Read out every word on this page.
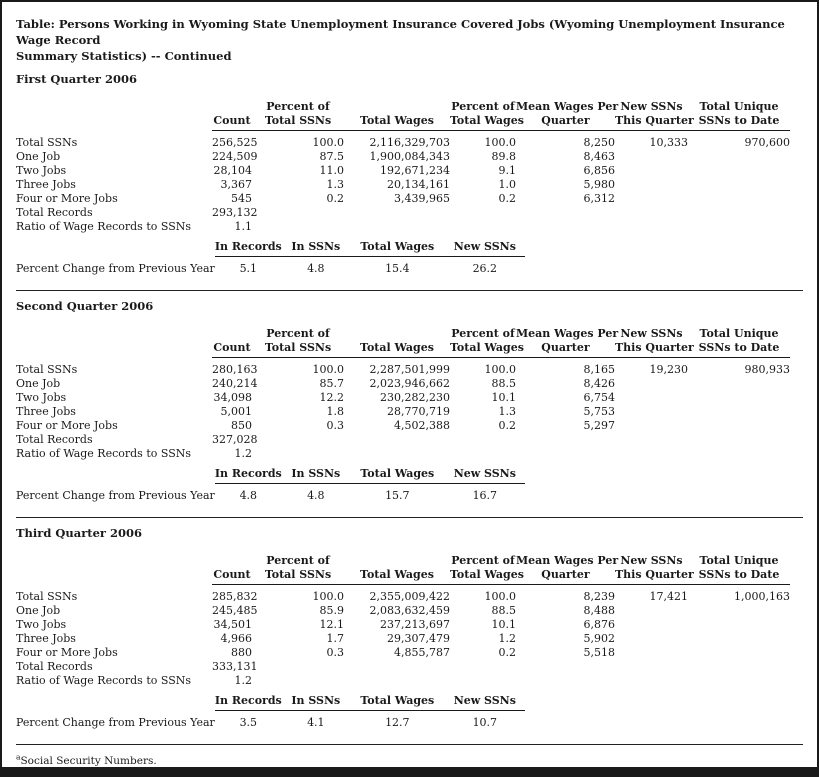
Table: Persons Working in Wyoming State Unemployment Insurance Covered Jobs (Wyoming Unemployment Insurance Wage Record
Summary Statistics) -- Continued
First Quarter 2006
		Percent of		Percent of	Mean Wages Per	New SSNs	Total Unique
	Count	Total SSNs	Total Wages	Total Wages	Quarter	This Quarter	SSNs to Date
Total SSNs	256,525	100.0	2,116,329,703	100.0	8,250	10,333	970,600
One Job	224,509	87.5	1,900,084,343	89.8	8,463		
Two Jobs	28,104	11.0	192,671,234	9.1	6,856		
Three Jobs	3,367	1.3	20,134,161	1.0	5,980		
Four or More Jobs	545	0.2	3,439,965	0.2	6,312		
Total Records	293,132						
Ratio of Wage Records to SSNs	1.1						
	In Records	In SSNs	Total Wages	New SSNs
Percent Change from Previous Year	5.1	4.8	15.4	26.2
Second Quarter 2006
		Percent of		Percent of	Mean Wages Per	New SSNs	Total Unique
	Count	Total SSNs	Total Wages	Total Wages	Quarter	This Quarter	SSNs to Date
Total SSNs	280,163	100.0	2,287,501,999	100.0	8,165	19,230	980,933
One Job	240,214	85.7	2,023,946,662	88.5	8,426		
Two Jobs	34,098	12.2	230,282,230	10.1	6,754		
Three Jobs	5,001	1.8	28,770,719	1.3	5,753		
Four or More Jobs	850	0.3	4,502,388	0.2	5,297		
Total Records	327,028						
Ratio of Wage Records to SSNs	1.2						
	In Records	In SSNs	Total Wages	New SSNs
Percent Change from Previous Year	4.8	4.8	15.7	16.7
Third Quarter 2006
		Percent of		Percent of	Mean Wages Per	New SSNs	Total Unique
	Count	Total SSNs	Total Wages	Total Wages	Quarter	This Quarter	SSNs to Date
Total SSNs	285,832	100.0	2,355,009,422	100.0	8,239	17,421	1,000,163
One Job	245,485	85.9	2,083,632,459	88.5	8,488		
Two Jobs	34,501	12.1	237,213,697	10.1	6,876		
Three Jobs	4,966	1.7	29,307,479	1.2	5,902		
Four or More Jobs	880	0.3	4,855,787	0.2	5,518		
Total Records	333,131						
Ratio of Wage Records to SSNs	1.2						
	In Records	In SSNs	Total Wages	New SSNs
Percent Change from Previous Year	3.5	4.1	12.7	10.7
$^a$Social Security Numbers.
